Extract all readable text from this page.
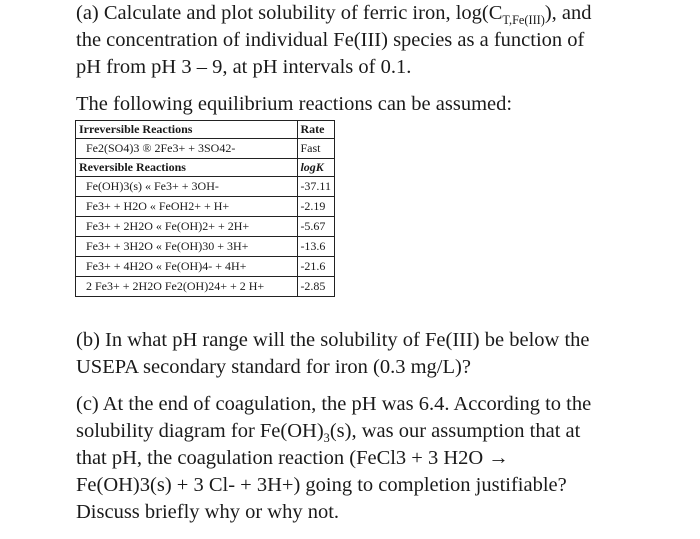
(a) Calculate and plot solubility of ferric iron, $\log(C_{T,Fe(III)})$, and
the concentration of individual Fe(III) species as a function of
pH from pH 3 – 9, at pH intervals of 0.1.
The following equilibrium reactions can be assumed:
Irreversible Reactions	Rate
Fe2(SO4)3 ® 2Fe3+ + 3SO42-	Fast
Reversible Reactions	logK
Fe(OH)3(s) « Fe3+ + 3OH-	-37.11
Fe3+ + H2O « FeOH2+ + H+	-2.19
Fe3+ + 2H2O « Fe(OH)2+ + 2H+	-5.67
Fe3+ + 3H2O « Fe(OH)30 + 3H+	-13.6
Fe3+ + 4H2O « Fe(OH)4- + 4H+	-21.6
2 Fe3+ + 2H2O Fe2(OH)24+ + 2 H+	-2.85
(b) In what pH range will the solubility of Fe(III) be below the
USEPA secondary standard for iron (0.3 mg/L)?
(c) At the end of coagulation, the pH was 6.4. According to the
solubility diagram for $Fe(OH)_3(s)$, was our assumption that at
that pH, the coagulation reaction (FeCl3 + 3 H2O →
Fe(OH)3(s) + 3 Cl- + 3H+) going to completion justifiable?
Discuss briefly why or why not.
